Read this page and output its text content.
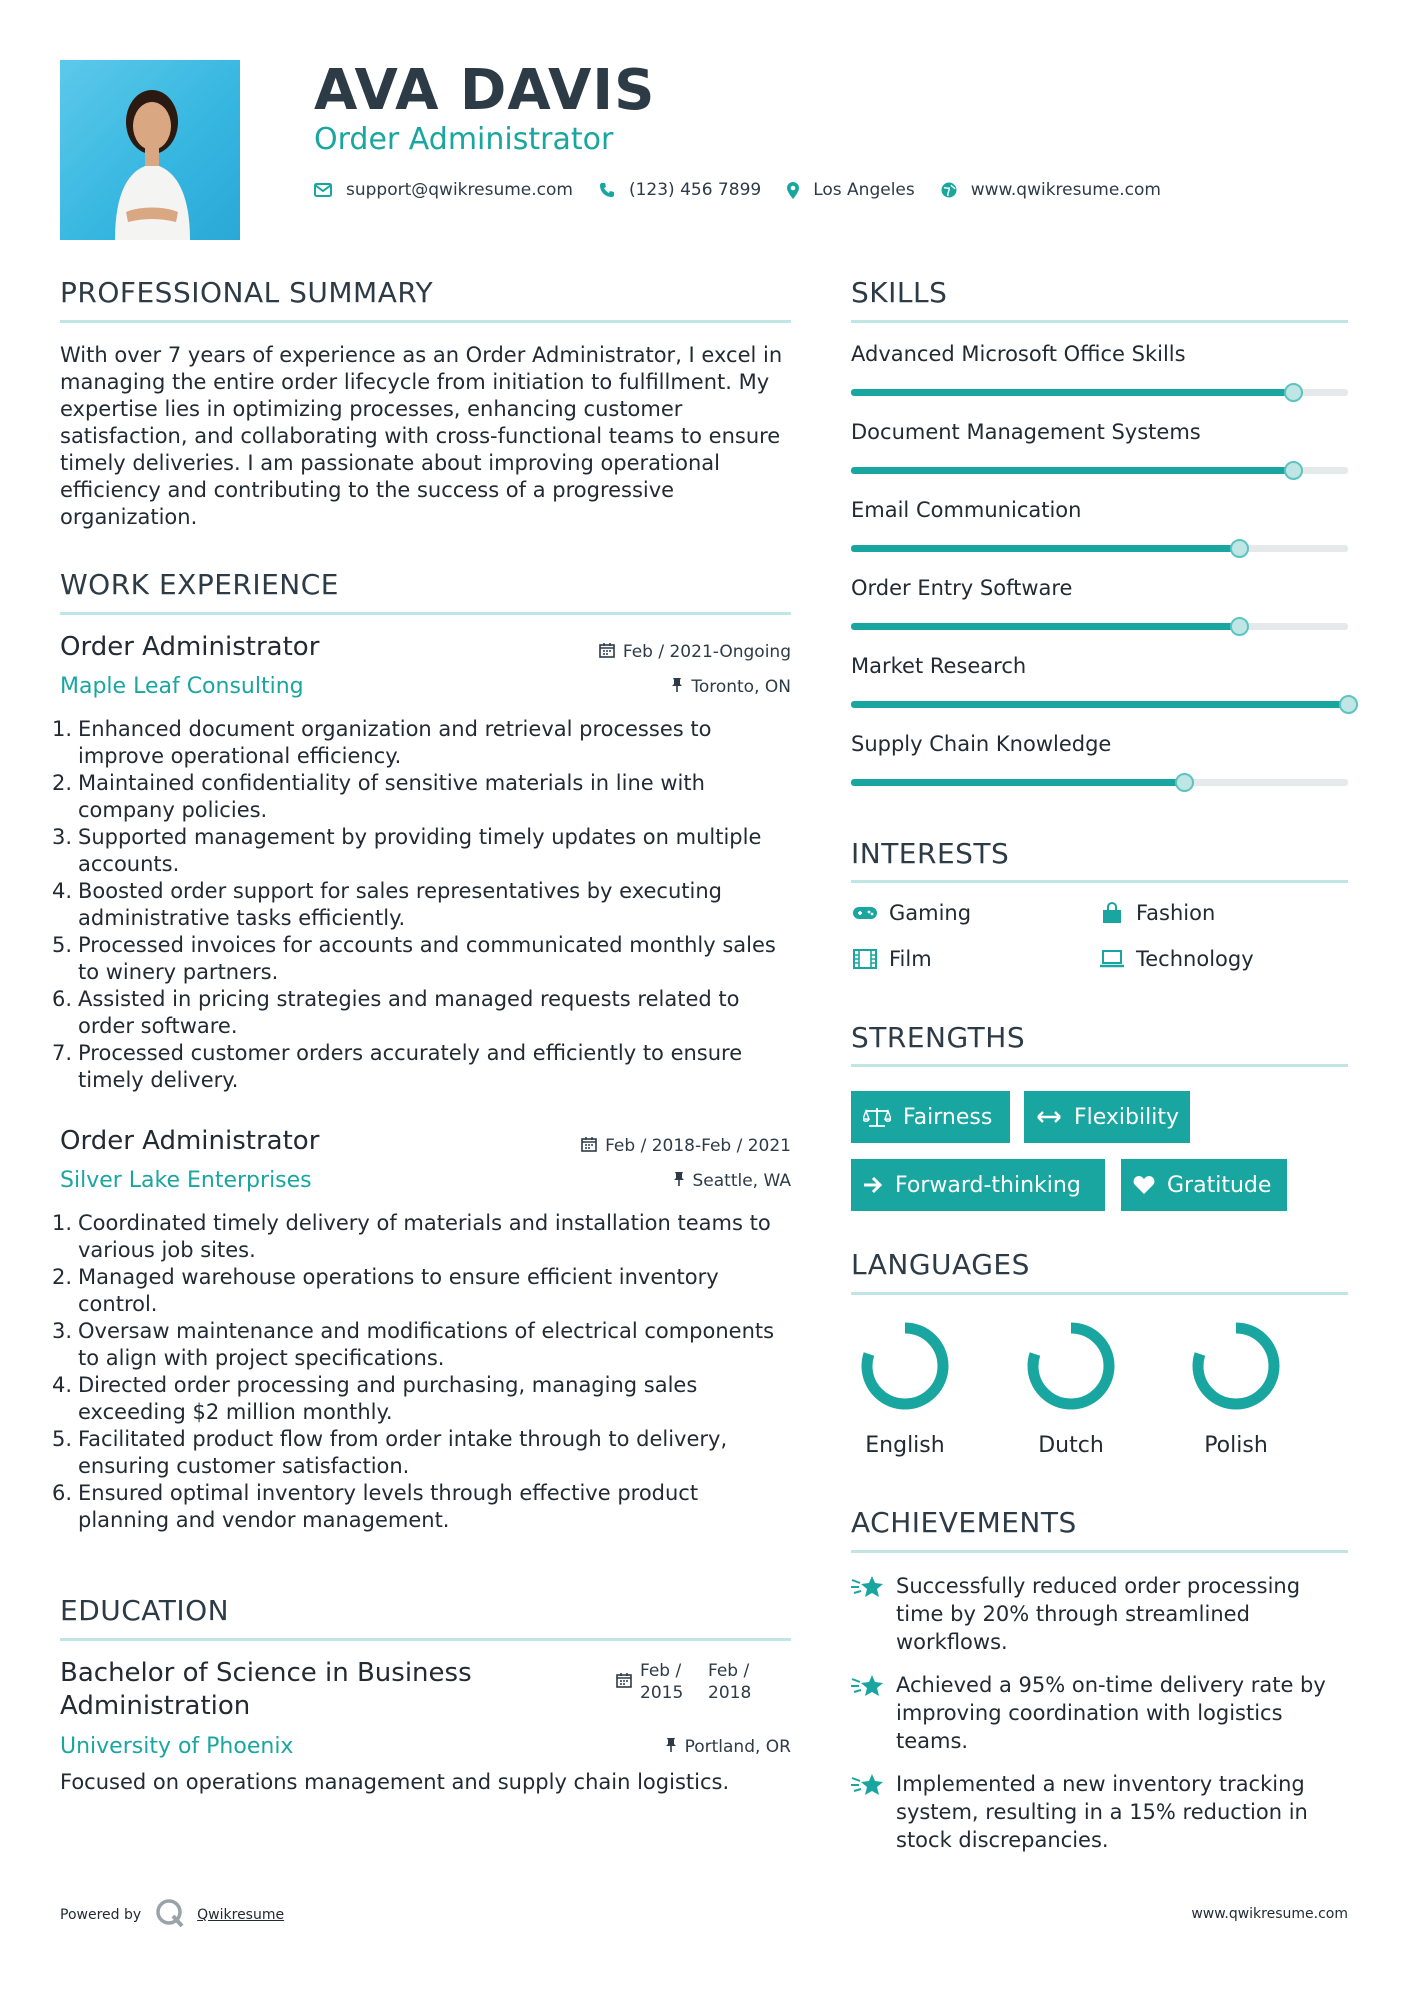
AVA DAVIS
Order Administrator
support@qwikresume.com	(123) 456 7899	Los Angeles	www.qwikresume.com
PROFESSIONAL SUMMARY
With over 7 years of experience as an Order Administrator, I excel in managing the entire order lifecycle from initiation to fulfillment. My expertise lies in optimizing processes, enhancing customer satisfaction, and collaborating with cross-functional teams to ensure timely deliveries. I am passionate about improving operational efficiency and contributing to the success of a progressive organization.
WORK EXPERIENCE
Order Administrator	Feb / 2021-Ongoing
Maple Leaf Consulting	Toronto, ON
1. Enhanced document organization and retrieval processes to improve operational efficiency.
2. Maintained confidentiality of sensitive materials in line with company policies.
3. Supported management by providing timely updates on multiple accounts.
4. Boosted order support for sales representatives by executing administrative tasks efficiently.
5. Processed invoices for accounts and communicated monthly sales to winery partners.
6. Assisted in pricing strategies and managed requests related to order software.
7. Processed customer orders accurately and efficiently to ensure timely delivery.
Order Administrator	Feb / 2018-Feb / 2021
Silver Lake Enterprises	Seattle, WA
1. Coordinated timely delivery of materials and installation teams to various job sites.
2. Managed warehouse operations to ensure efficient inventory control.
3. Oversaw maintenance and modifications of electrical components to align with project specifications.
4. Directed order processing and purchasing, managing sales exceeding $2 million monthly.
5. Facilitated product flow from order intake through to delivery, ensuring customer satisfaction.
6. Ensured optimal inventory levels through effective product planning and vendor management.
EDUCATION
Bachelor of Science in Business Administration
Feb / 2015
Feb / 2018
University of Phoenix	Portland, OR
Focused on operations management and supply chain logistics.
SKILLS
Advanced Microsoft Office Skills
Document Management Systems
Email Communication
Order Entry Software
Market Research
Supply Chain Knowledge
INTERESTS
Gaming	Fashion
Film	Technology
STRENGTHS
Fairness	Flexibility
Forward-thinking	Gratitude
LANGUAGES
English	Dutch	Polish
ACHIEVEMENTS
Successfully reduced order processing time by 20% through streamlined workflows.
Achieved a 95% on-time delivery rate by improving coordination with logistics teams.
Implemented a new inventory tracking system, resulting in a 15% reduction in stock discrepancies.
Powered by	Qwikresume	www.qwikresume.com
